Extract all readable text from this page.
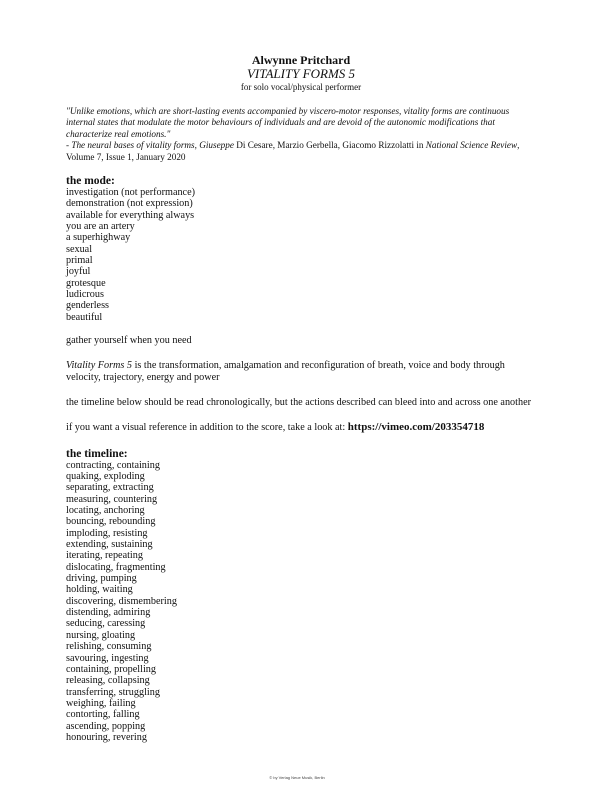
Alwynne Pritchard
VITALITY FORMS 5
for solo vocal/physical performer
"Unlike emotions, which are short-lasting events accompanied by viscero-motor responses, vitality forms are continuous internal states that modulate the motor behaviours of individuals and are devoid of the autonomic modifications that characterize real emotions."
- The neural bases of vitality forms, Giuseppe Di Cesare, Marzio Gerbella, Giacomo Rizzolatti in National Science Review, Volume 7, Issue 1, January 2020
the mode:
investigation (not performance)
demonstration (not expression)
available for everything always
you are an artery
a superhighway
sexual
primal
joyful
grotesque
ludicrous
genderless
beautiful
gather yourself when you need
Vitality Forms 5 is the transformation, amalgamation and reconfiguration of breath, voice and body through velocity, trajectory, energy and power
the timeline below should be read chronologically, but the actions described can bleed into and across one another
if you want a visual reference in addition to the score, take a look at: https://vimeo.com/203354718
the timeline:
contracting, containing
quaking, exploding
separating, extracting
measuring, countering
locating, anchoring
bouncing, rebounding
imploding, resisting
extending, sustaining
iterating, repeating
dislocating, fragmenting
driving, pumping
holding, waiting
discovering, dismembering
distending, admiring
seducing, caressing
nursing, gloating
relishing, consuming
savouring, ingesting
containing, propelling
releasing, collapsing
transferring, struggling
weighing, failing
contorting, falling
ascending, popping
honouring, revering
© by Verlag Neue Musik, Berlin
